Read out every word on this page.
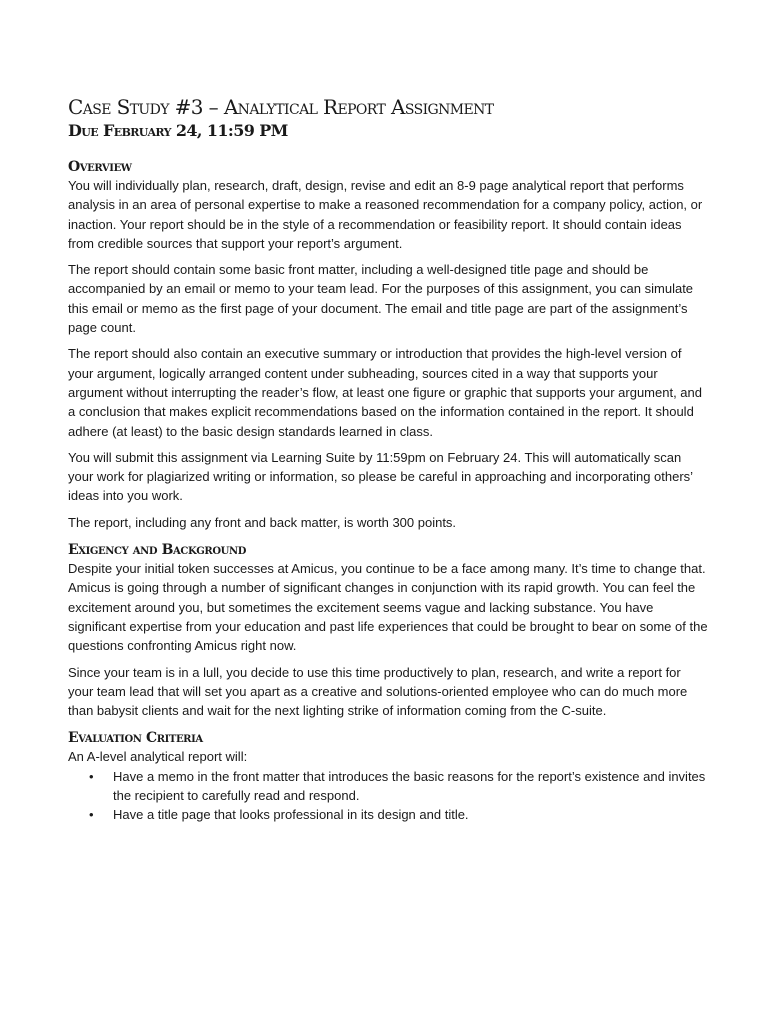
Case Study #3 – Analytical Report Assignment
Due February 24, 11:59 PM
Overview

You will individually plan, research, draft, design, revise and edit an 8-9 page analytical report that performs analysis in an area of personal expertise to make a reasoned recommendation for a company policy, action, or inaction. Your report should be in the style of a recommendation or feasibility report. It should contain ideas from credible sources that support your report’s argument.

The report should contain some basic front matter, including a well-designed title page and should be accompanied by an email or memo to your team lead. For the purposes of this assignment, you can simulate this email or memo as the first page of your document. The email and title page are part of the assignment’s page count.

The report should also contain an executive summary or introduction that provides the high-level version of your argument, logically arranged content under subheading, sources cited in a way that supports your argument without interrupting the reader’s flow, at least one figure or graphic that supports your argument, and a conclusion that makes explicit recommendations based on the information contained in the report. It should adhere (at least) to the basic design standards learned in class.

You will submit this assignment via Learning Suite by 11:59pm on February 24. This will automatically scan your work for plagiarized writing or information, so please be careful in approaching and incorporating others’ ideas into you work.

The report, including any front and back matter, is worth 300 points.

Exigency and Background

Despite your initial token successes at Amicus, you continue to be a face among many. It’s time to change that. Amicus is going through a number of significant changes in conjunction with its rapid growth. You can feel the excitement around you, but sometimes the excitement seems vague and lacking substance. You have significant expertise from your education and past life experiences that could be brought to bear on some of the questions confronting Amicus right now.

Since your team is in a lull, you decide to use this time productively to plan, research, and write a report for your team lead that will set you apart as a creative and solutions-oriented employee who can do much more than babysit clients and wait for the next lighting strike of information coming from the C-suite.

Evaluation Criteria

An A-level analytical report will:

• Have a memo in the front matter that introduces the basic reasons for the report’s existence and invites the recipient to carefully read and respond.
• Have a title page that looks professional in its design and title.
